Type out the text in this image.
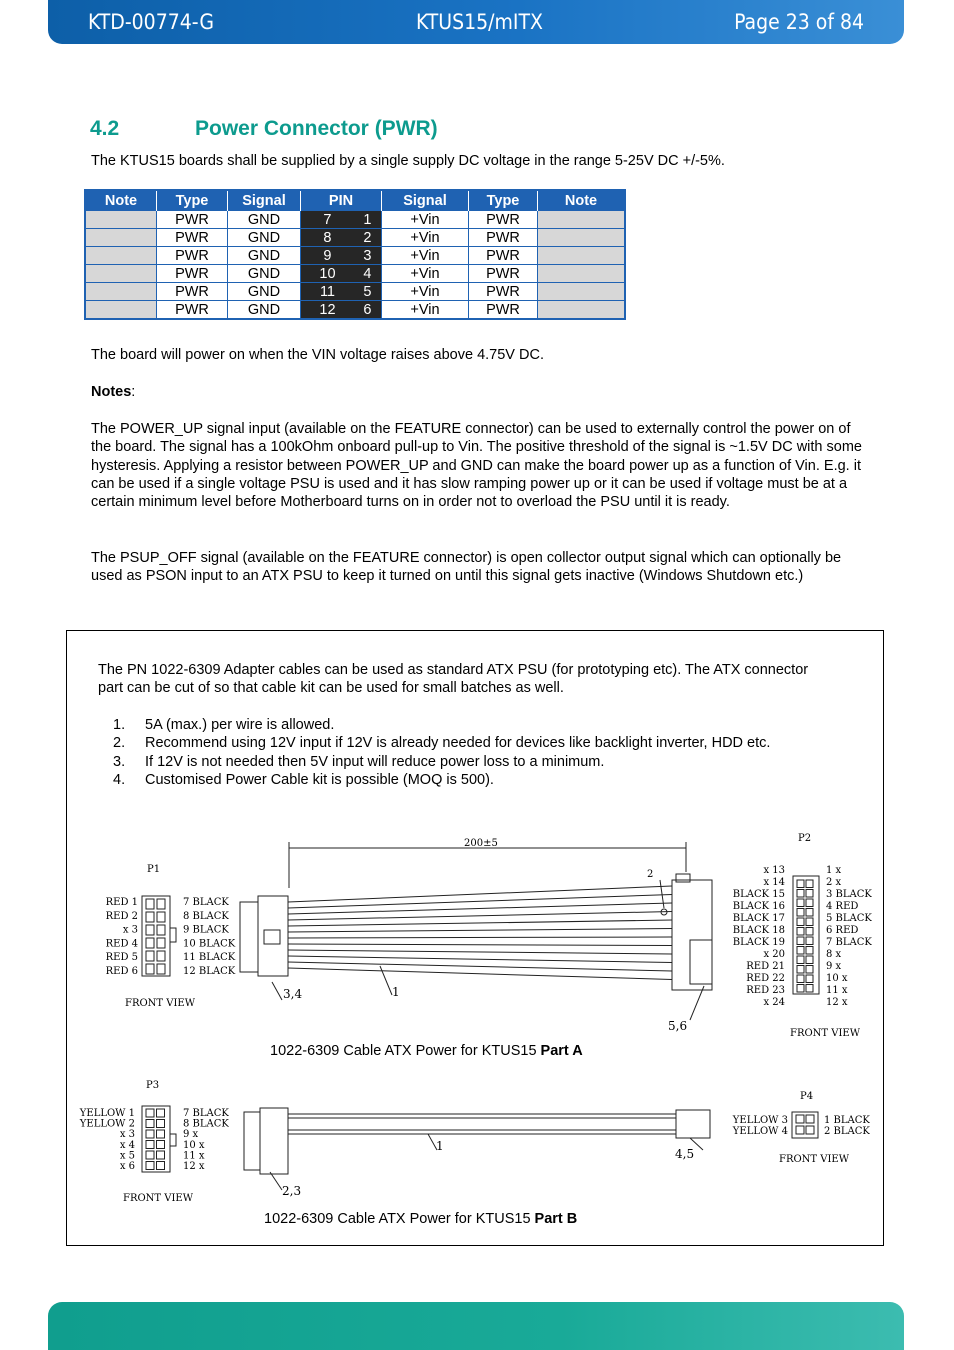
KTD-00774-G	KTUS15/mITX	Page 23 of 84
4.2	Power Connector (PWR)
The KTUS15 boards shall be supplied by a single supply DC voltage in the range 5-25V DC +/-5%.
Note	Type	Signal	PIN		Signal	Type	Note
	PWR	GND	7	1	+Vin	PWR	
	PWR	GND	8	2	+Vin	PWR	
	PWR	GND	9	3	+Vin	PWR	
	PWR	GND	10	4	+Vin	PWR	
	PWR	GND	11	5	+Vin	PWR	
	PWR	GND	12	6	+Vin	PWR	
The board will power on when the VIN voltage raises above 4.75V DC.
Notes:
The POWER_UP signal input (available on the FEATURE connector) can be used to externally control the power on of the board. The signal has a 100kOhm onboard pull-up to Vin. The positive threshold of the signal is ~1.5V DC with some hysteresis. Applying a resistor between POWER_UP and GND can make the board power up as a function of Vin. E.g. it can be used if a single voltage PSU is used and it has slow ramping power up or it can be used if voltage must be at a certain minimum level before Motherboard turns on in order not to overload the PSU until it is ready.
The PSUP_OFF signal (available on the FEATURE connector) is open collector output signal which can optionally be used as PSON input to an ATX PSU to keep it turned on until this signal gets inactive (Windows Shutdown etc.)
The PN 1022-6309 Adapter cables can be used as standard ATX PSU (for prototyping etc). The ATX connector part can be cut of so that cable kit can be used for small batches as well.
1. 5A (max.) per wire is allowed.
2. Recommend using 12V input if 12V is already needed for devices like backlight inverter, HDD etc.
3. If 12V is not needed then 5V input will reduce power loss to a minimum.
4. Customised Power Cable kit is possible (MOQ is 500).
1022-6309 Cable ATX Power for KTUS15 Part A
1022-6309 Cable ATX Power for KTUS15 Part B
P1
P2
200±5
FRONT VIEW
FRONT VIEW
2
3,4	1
5,6
RED 1
RED 2
x 3
RED 4
RED 5
RED 6
7 BLACK
8 BLACK
9 BLACK
10 BLACK
11 BLACK
12 BLACK
x 13
x 14
BLACK 15
BLACK 16
BLACK 17
BLACK 18
BLACK 19
x 20
RED 21
RED 22
RED 23
x 24
1 x
2 x
3 BLACK
4 RED
5 BLACK
6 RED
7 BLACK
8 x
9 x
10 x
11 x
12 x
P3
P4
FRONT VIEW
FRONT VIEW
1
4,5
2,3
YELLOW 1
YELLOW 2
x 3
x 4
x 5
x 6
7 BLACK
8 BLACK
9 x
10 x
11 x
12 x
YELLOW 3
YELLOW 4
1 BLACK
2 BLACK
